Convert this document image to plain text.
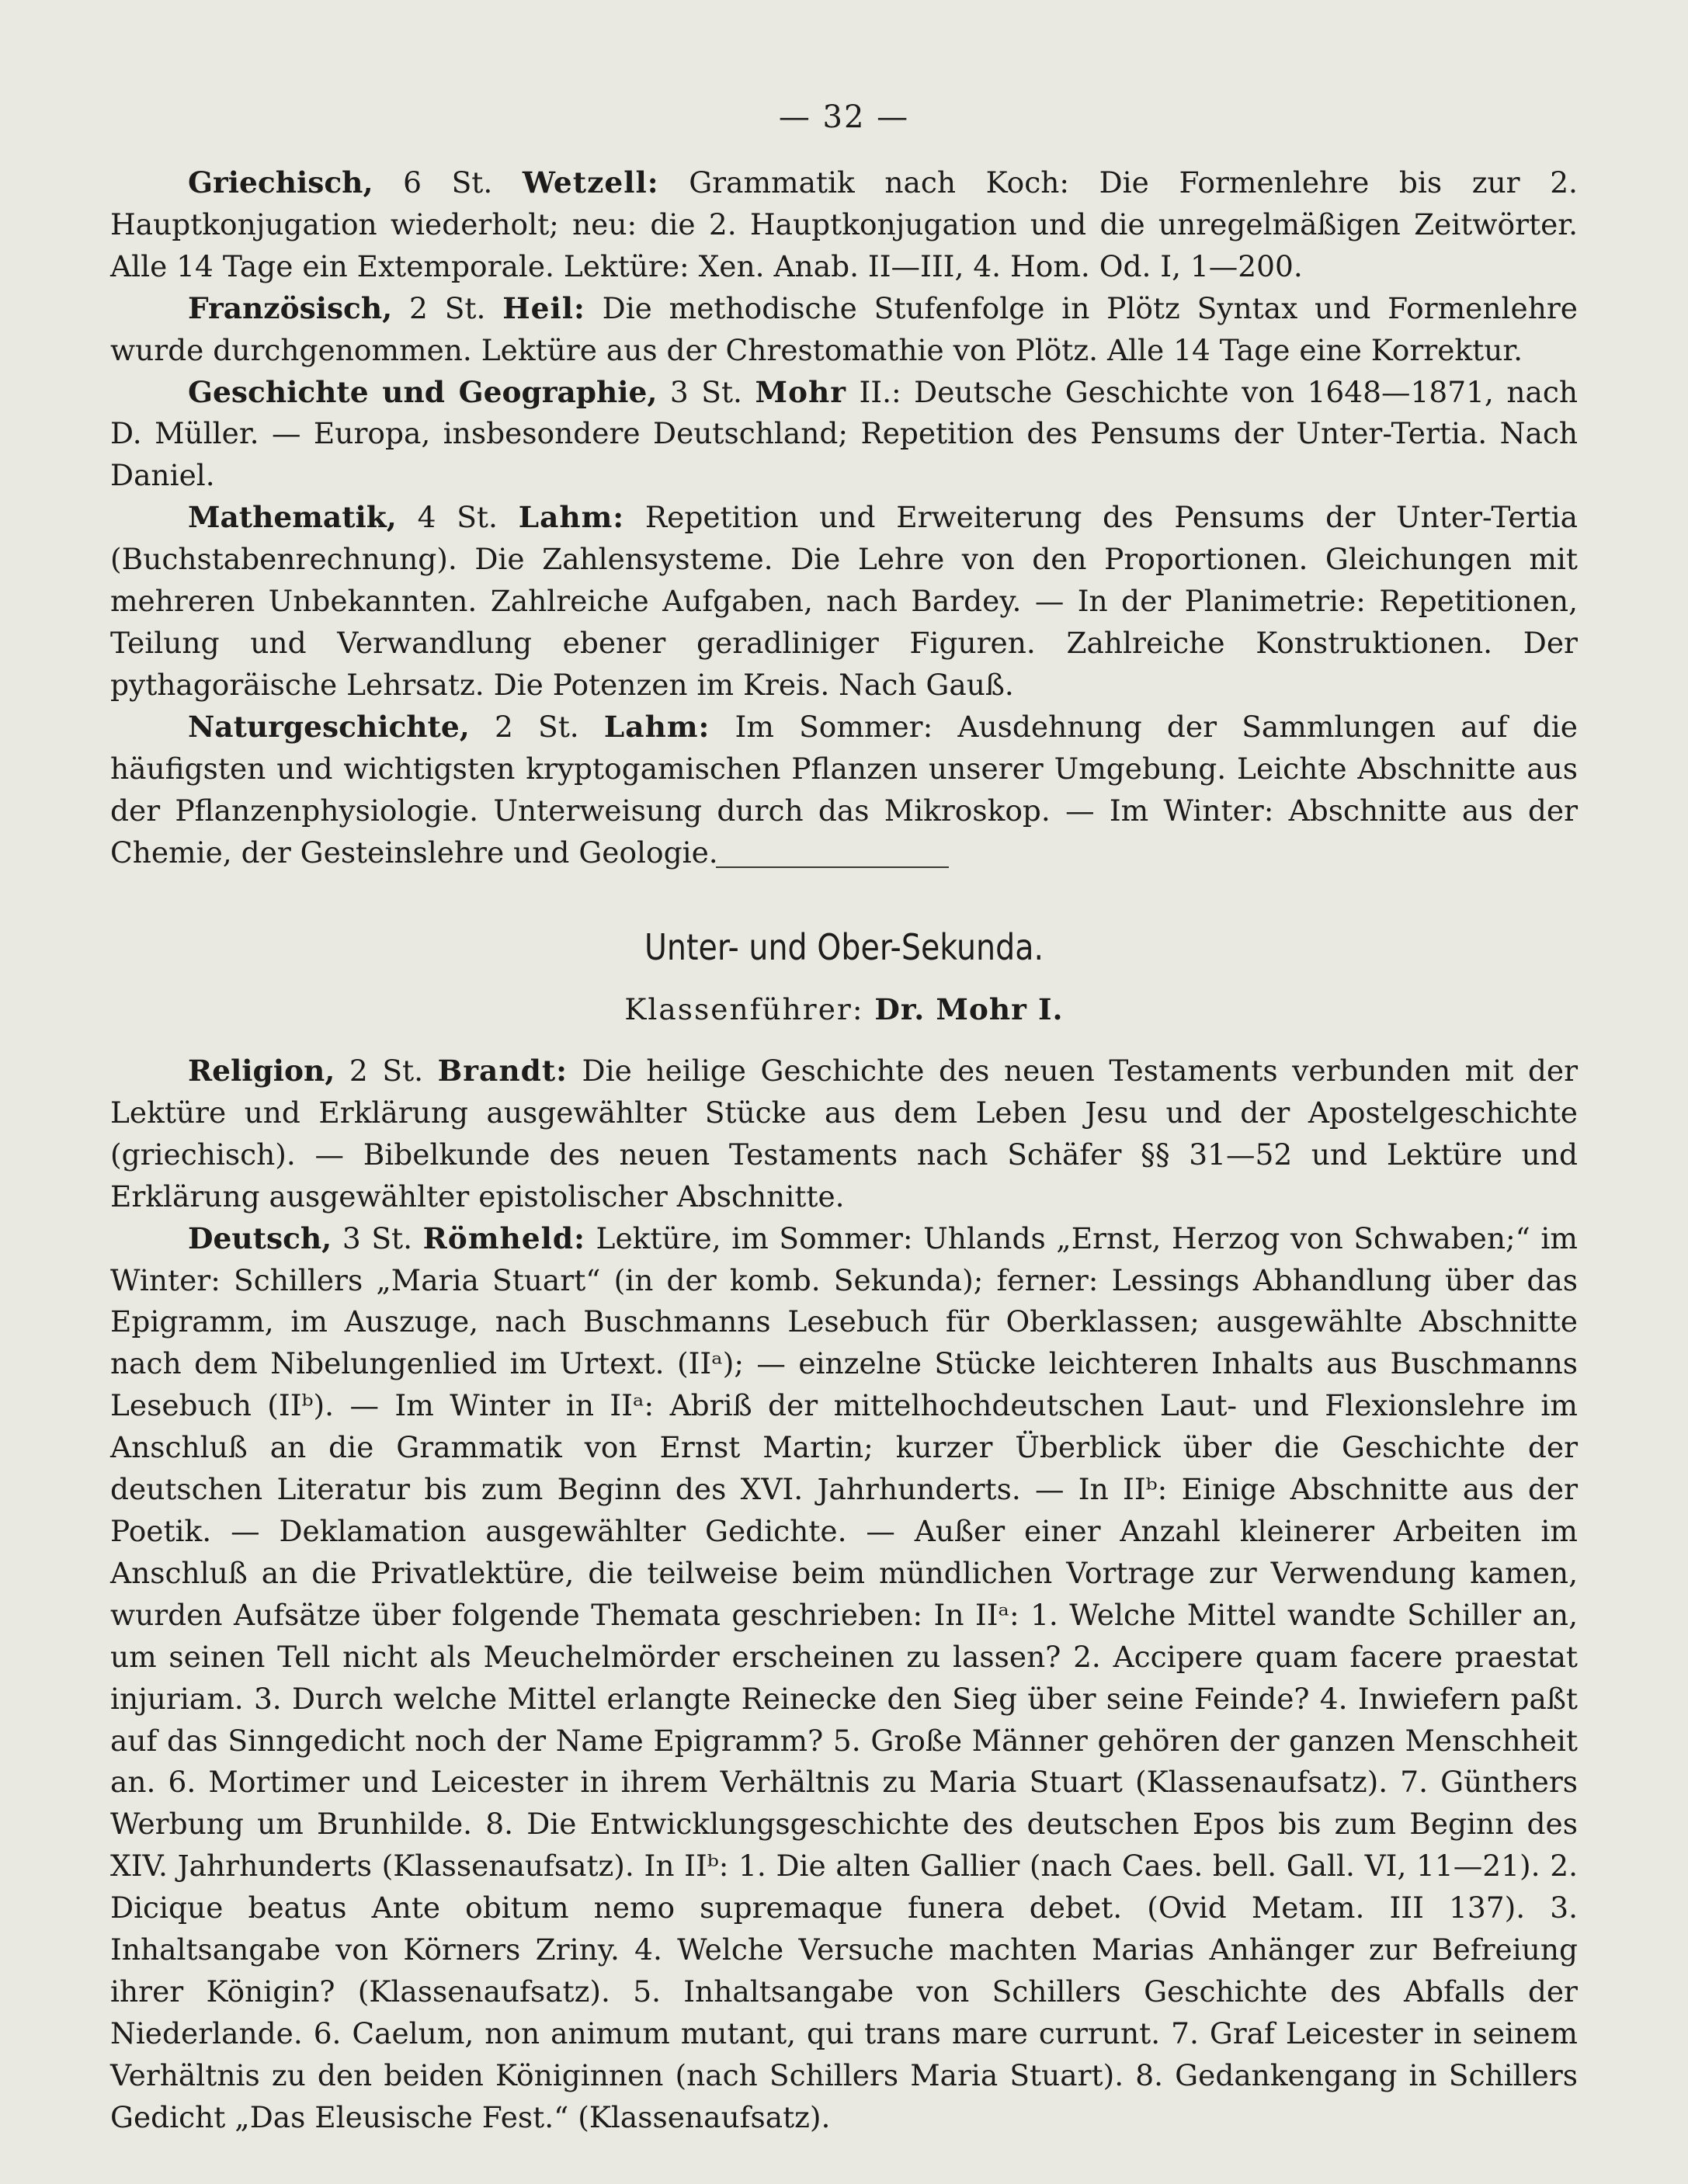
— 32 —

Griechisch, 6 St. Wetzell: Grammatik nach Koch: Die Formenlehre bis zur 2. Hauptkonjugation wiederholt; neu: die 2. Hauptkonjugation und die unregelmäßigen Zeitwörter. Alle 14 Tage ein Extemporale. Lektüre: Xen. Anab. II—III, 4. Hom. Od. I, 1—200.

Französisch, 2 St. Heil: Die methodische Stufenfolge in Plötz Syntax und Formenlehre wurde durchgenommen. Lektüre aus der Chrestomathie von Plötz. Alle 14 Tage eine Korrektur.

Geschichte und Geographie, 3 St. Mohr II.: Deutsche Geschichte von 1648—1871, nach D. Müller. — Europa, insbesondere Deutschland; Repetition des Pensums der Unter-Tertia. Nach Daniel.

Mathematik, 4 St. Lahm: Repetition und Erweiterung des Pensums der Unter-Tertia (Buchstabenrechnung). Die Zahlensysteme. Die Lehre von den Proportionen. Gleichungen mit mehreren Unbekannten. Zahlreiche Aufgaben, nach Bardey. — In der Planimetrie: Repetitionen, Teilung und Verwandlung ebener geradliniger Figuren. Zahlreiche Konstruktionen. Der pythagoräische Lehrsatz. Die Potenzen im Kreis. Nach Gauß.

Naturgeschichte, 2 St. Lahm: Im Sommer: Ausdehnung der Sammlungen auf die häufigsten und wichtigsten kryptogamischen Pflanzen unserer Umgebung. Leichte Abschnitte aus der Pflanzenphysiologie. Unterweisung durch das Mikroskop. — Im Winter: Abschnitte aus der Chemie, der Gesteinslehre und Geologie.

Unter- und Ober-Sekunda.
Klassenführer: Dr. Mohr I.

Religion, 2 St. Brandt: Die heilige Geschichte des neuen Testaments verbunden mit der Lektüre und Erklärung ausgewählter Stücke aus dem Leben Jesu und der Apostelgeschichte (griechisch). — Bibelkunde des neuen Testaments nach Schäfer §§ 31—52 und Lektüre und Erklärung ausgewählter epistolischer Abschnitte.

Deutsch, 3 St. Römheld: Lektüre, im Sommer: Uhlands „Ernst, Herzog von Schwaben;“ im Winter: Schillers „Maria Stuart“ (in der komb. Sekunda); ferner: Lessings Abhandlung über das Epigramm, im Auszuge, nach Buschmanns Lesebuch für Oberklassen; ausgewählte Abschnitte nach dem Nibelungenlied im Urtext. (IIᵃ); — einzelne Stücke leichteren Inhalts aus Buschmanns Lesebuch (IIᵇ). — Im Winter in IIᵃ: Abriß der mittelhochdeutschen Laut- und Flexionslehre im Anschluß an die Grammatik von Ernst Martin; kurzer Überblick über die Geschichte der deutschen Literatur bis zum Beginn des XVI. Jahrhunderts. — In IIᵇ: Einige Abschnitte aus der Poetik. — Deklamation ausgewählter Gedichte. — Außer einer Anzahl kleinerer Arbeiten im Anschluß an die Privatlektüre, die teilweise beim mündlichen Vortrage zur Verwendung kamen, wurden Aufsätze über folgende Themata geschrieben: In IIᵃ: 1. Welche Mittel wandte Schiller an, um seinen Tell nicht als Meuchelmörder erscheinen zu lassen? 2. Accipere quam facere praestat injuriam. 3. Durch welche Mittel erlangte Reinecke den Sieg über seine Feinde? 4. Inwiefern paßt auf das Sinngedicht noch der Name Epigramm? 5. Große Männer gehören der ganzen Menschheit an. 6. Mortimer und Leicester in ihrem Verhältnis zu Maria Stuart (Klassenaufsatz). 7. Günthers Werbung um Brunhilde. 8. Die Entwicklungsgeschichte des deutschen Epos bis zum Beginn des XIV. Jahrhunderts (Klassenaufsatz). In IIᵇ: 1. Die alten Gallier (nach Caes. bell. Gall. VI, 11—21). 2. Dicique beatus Ante obitum nemo supremaque funera debet. (Ovid Metam. III 137). 3. Inhaltsangabe von Körners Zriny. 4. Welche Versuche machten Marias Anhänger zur Befreiung ihrer Königin? (Klassenaufsatz). 5. Inhaltsangabe von Schillers Geschichte des Abfalls der Niederlande. 6. Caelum, non animum mutant, qui trans mare currunt. 7. Graf Leicester in seinem Verhältnis zu den beiden Königinnen (nach Schillers Maria Stuart). 8. Gedankengang in Schillers Gedicht „Das Eleusische Fest.“ (Klassenaufsatz).
